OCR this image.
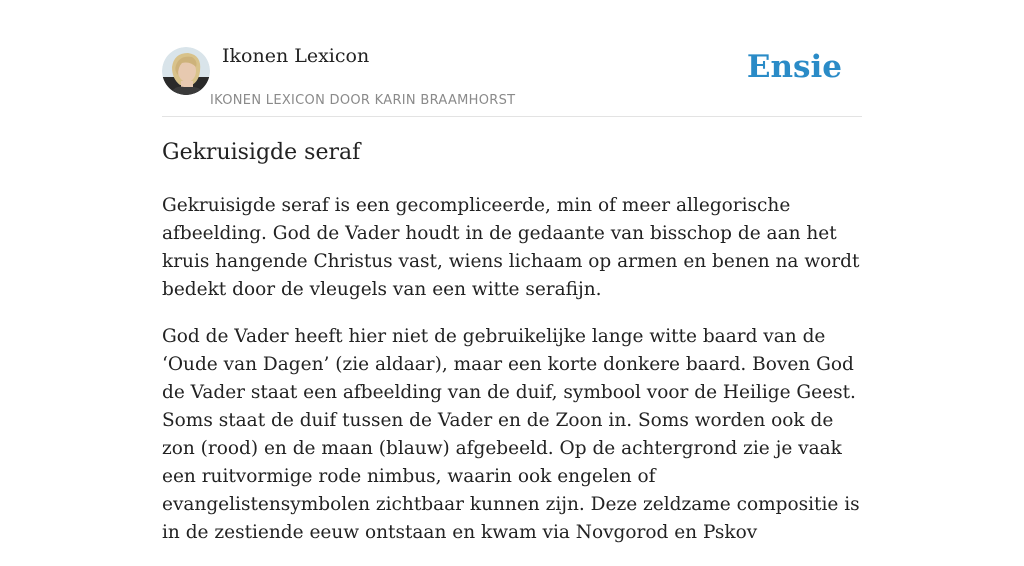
Ikonen Lexicon
IKONEN LEXICON DOOR KARIN BRAAMHORST
Ensie
Gekruisigde seraf

Gekruisigde seraf is een gecompliceerde, min of meer allegorische afbeelding. God de Vader houdt in de gedaante van bisschop de aan het kruis hangende Christus vast, wiens lichaam op armen en benen na wordt bedekt door de vleugels van een witte serafijn.

God de Vader heeft hier niet de gebruikelijke lange witte baard van de ‘Oude van Dagen’ (zie aldaar), maar een korte donkere baard. Boven God de Vader staat een afbeelding van de duif, symbool voor de Heilige Geest. Soms staat de duif tussen de Vader en de Zoon in. Soms worden ook de zon (rood) en de maan (blauw) afgebeeld. Op de achtergrond zie je vaak een ruitvormige rode nimbus, waarin ook engelen of evangelistensymbolen zichtbaar kunnen zijn. Deze zeldzame compositie is in de zestiende eeuw ontstaan en kwam via Novgorod en Pskov
